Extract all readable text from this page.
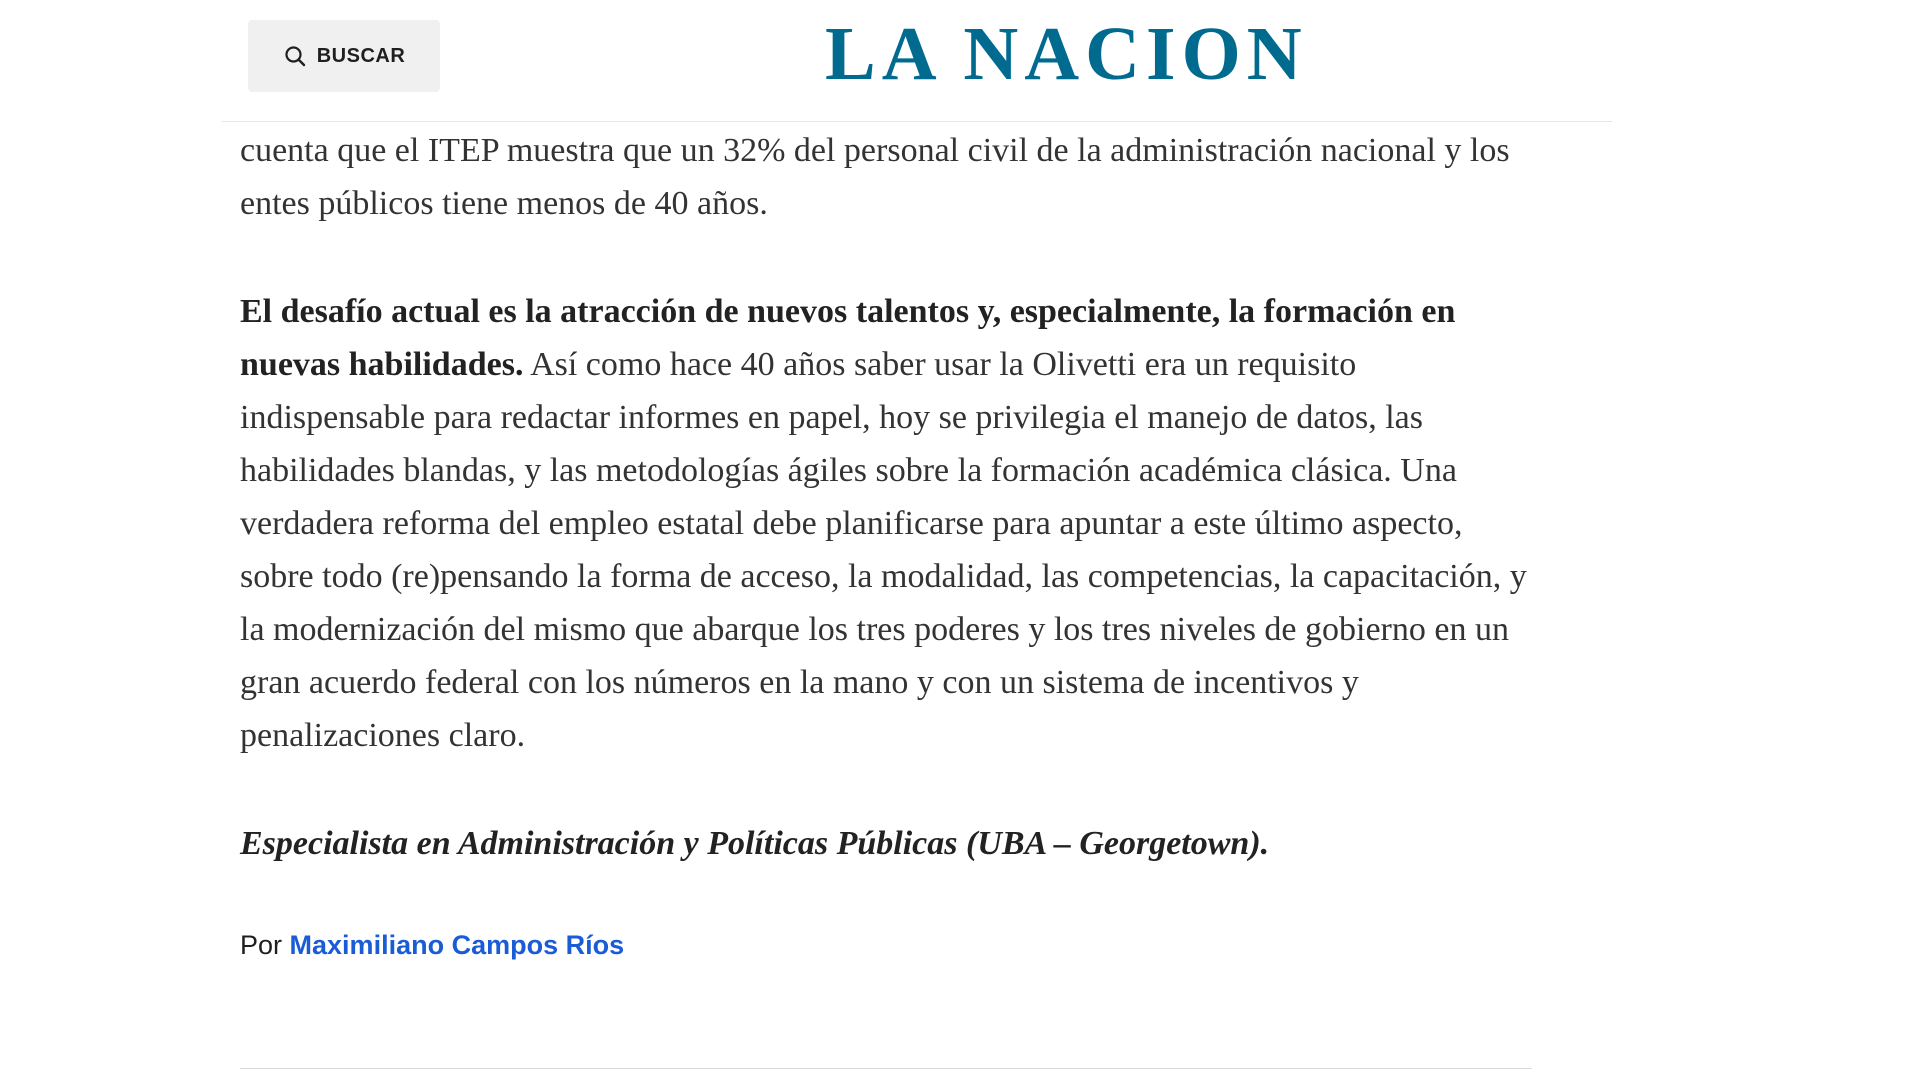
BUSCAR	LA NACION

cuenta que el ITEP muestra que un 32% del personal civil de la administración nacional y los entes públicos tiene menos de 40 años.

El desafío actual es la atracción de nuevos talentos y, especialmente, la formación en nuevas habilidades. Así como hace 40 años saber usar la Olivetti era un requisito indispensable para redactar informes en papel, hoy se privilegia el manejo de datos, las habilidades blandas, y las metodologías ágiles sobre la formación académica clásica. Una verdadera reforma del empleo estatal debe planificarse para apuntar a este último aspecto, sobre todo (re)pensando la forma de acceso, la modalidad, las competencias, la capacitación, y la modernización del mismo que abarque los tres poderes y los tres niveles de gobierno en un gran acuerdo federal con los números en la mano y con un sistema de incentivos y penalizaciones claro.

Especialista en Administración y Políticas Públicas (UBA – Georgetown).

Por Maximiliano Campos Ríos
